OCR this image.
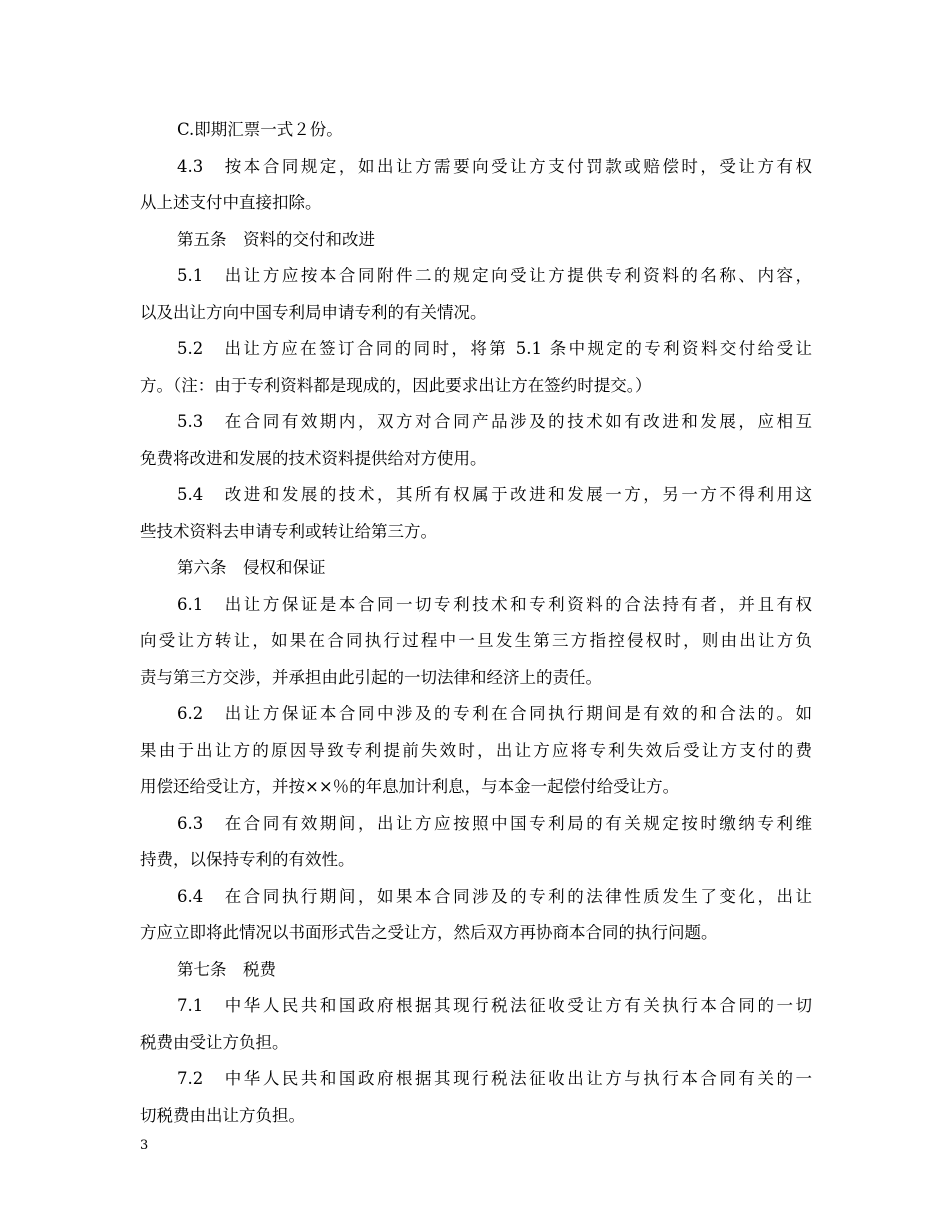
C.即期汇票一式２份。
4.3　按本合同规定，如出让方需要向受让方支付罚款或赔偿时，受让方有权
从上述支付中直接扣除。
第五条　资料的交付和改进
5.1　出让方应按本合同附件二的规定向受让方提供专利资料的名称、内容，
以及出让方向中国专利局申请专利的有关情况。
5.2　出让方应在签订合同的同时，将第 5.1 条中规定的专利资料交付给受让
方。（注：由于专利资料都是现成的，因此要求出让方在签约时提交。）
5.3　在合同有效期内，双方对合同产品涉及的技术如有改进和发展，应相互
免费将改进和发展的技术资料提供给对方使用。
5.4　改进和发展的技术，其所有权属于改进和发展一方，另一方不得利用这
些技术资料去申请专利或转让给第三方。
第六条　侵权和保证
6.1　出让方保证是本合同一切专利技术和专利资料的合法持有者，并且有权
向受让方转让，如果在合同执行过程中一旦发生第三方指控侵权时，则由出让方负
责与第三方交涉，并承担由此引起的一切法律和经济上的责任。
6.2　出让方保证本合同中涉及的专利在合同执行期间是有效的和合法的。如
果由于出让方的原因导致专利提前失效时，出让方应将专利失效后受让方支付的费
用偿还给受让方，并按××％的年息加计利息，与本金一起偿付给受让方。
6.3　在合同有效期间，出让方应按照中国专利局的有关规定按时缴纳专利维
持费，以保持专利的有效性。
6.4　在合同执行期间，如果本合同涉及的专利的法律性质发生了变化，出让
方应立即将此情况以书面形式告之受让方，然后双方再协商本合同的执行问题。
第七条　税费
7.1　中华人民共和国政府根据其现行税法征收受让方有关执行本合同的一切
税费由受让方负担。
7.2　中华人民共和国政府根据其现行税法征收出让方与执行本合同有关的一
切税费由出让方负担。
3
